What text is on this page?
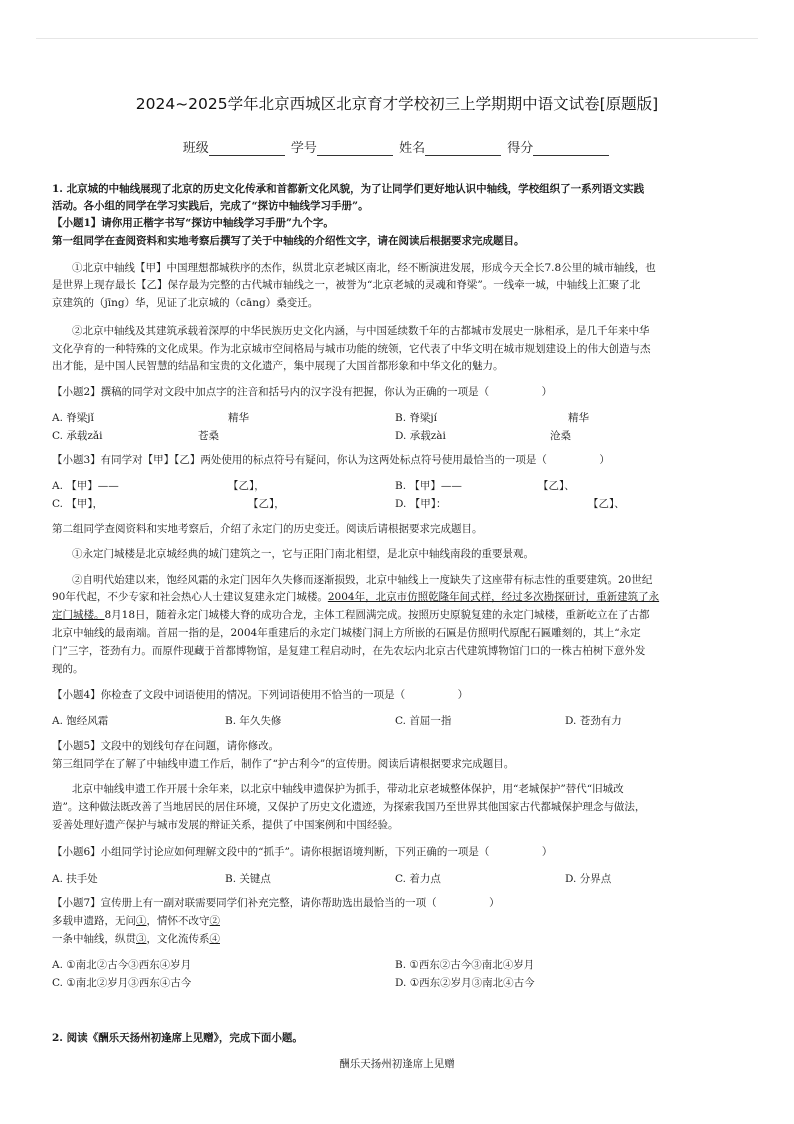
2024~2025学年北京西城区北京育才学校初三上学期期中语文试卷[原题版]
班级	学号	姓名	得分
1. 北京城的中轴线展现了北京的历史文化传承和首都新文化风貌，为了让同学们更好地认识中轴线，学校组织了一系列语文实践
活动。各小组的同学在学习实践后，完成了“探访中轴线学习手册”。
【小题1】请你用正楷字书写“探访中轴线学习手册”九个字。
第一组同学在查阅资料和实地考察后撰写了关于中轴线的介绍性文字，请在阅读后根据要求完成题目。
①北京中轴线【甲】中国理想都城秩序的杰作，纵贯北京老城区南北，经不断演进发展，形成今天全长7.8公里的城市轴线，也
是世界上现存最长【乙】保存最为完整的古代城市轴线之一，被誉为“北京老城的灵魂和脊梁”。一线牵一城，中轴线上汇聚了北
京建筑的（jīng）华，见证了北京城的（cāng）桑变迁。
②北京中轴线及其建筑承载着深厚的中华民族历史文化内涵，与中国延续数千年的古都城市发展史一脉相承，是几千年来中华
文化孕育的一种特殊的文化成果。作为北京城市空间格局与城市功能的统领，它代表了中华文明在城市规划建设上的伟大创造与杰
出才能，是中国人民智慧的结晶和宝贵的文化遗产，集中展现了大国首都形象和中华文化的魅力。
【小题2】撰稿的同学对文段中加点字的注音和括号内的汉字没有把握，你认为正确的一项是（　　　　　）
A. 脊梁jǐ	精华	B. 脊梁jí	精华
C. 承载zǎi	苍桑	D. 承载zài	沧桑
【小题3】有同学对【甲】【乙】两处使用的标点符号有疑问，你认为这两处标点符号使用最恰当的一项是（　　　　　）
A. 【甲】——	【乙】，	B. 【甲】——	【乙】、
C. 【甲】，	【乙】，	D. 【甲】：	【乙】、
第二组同学查阅资料和实地考察后，介绍了永定门的历史变迁。阅读后请根据要求完成题目。
①永定门城楼是北京城经典的城门建筑之一，它与正阳门南北相望，是北京中轴线南段的重要景观。
②自明代始建以来，饱经风霜的永定门因年久失修而逐渐损毁，北京中轴线上一度缺失了这座带有标志性的重要建筑。20世纪
90年代起，不少专家和社会热心人士建议复建永定门城楼。2004年，北京市仿照乾隆年间式样，经过多次勘探研讨，重新建筑了永
定门城楼。8月18日，随着永定门城楼大脊的成功合龙，主体工程圆满完成。按照历史原貌复建的永定门城楼，重新屹立在了古都
北京中轴线的最南端。首屈一指的是，2004年重建后的永定门城楼门洞上方所嵌的石匾是仿照明代原配石匾雕刻的，其上“永定
门”三字，苍劲有力。而原件现藏于首都博物馆，是复建工程启动时，在先农坛内北京古代建筑博物馆门口的一株古柏树下意外发
现的。
【小题4】你检查了文段中词语使用的情况。下列词语使用不恰当的一项是（　　　　　）
A. 饱经风霜	B. 年久失修	C. 首屈一指	D. 苍劲有力
【小题5】文段中的划线句存在问题，请你修改。
第三组同学在了解了中轴线申遗工作后，制作了“护古利今”的宣传册。阅读后请根据要求完成题目。
北京中轴线申遗工作开展十余年来，以北京中轴线申遗保护为抓手，带动北京老城整体保护，用“老城保护”替代“旧城改
造”。这种做法既改善了当地居民的居住环境，又保护了历史文化遗迹，为探索我国乃至世界其他国家古代都城保护理念与做法，
妥善处理好遗产保护与城市发展的辩证关系，提供了中国案例和中国经验。
【小题6】小组同学讨论应如何理解文段中的“抓手”。请你根据语境判断，下列正确的一项是（　　　　　）
A. 扶手处	B. 关键点	C. 着力点	D. 分界点
【小题7】宣传册上有一副对联需要同学们补充完整，请你帮助选出最恰当的一项（　　　　　）
多载申遗路，无问①，情怀不改守②
一条中轴线，纵贯③，文化流传系④
A. ①南北②古今③西东④岁月	B. ①西东②古今③南北④岁月
C. ①南北②岁月③西东④古今	D. ①西东②岁月③南北④古今
2. 阅读《酬乐天扬州初逢席上见赠》，完成下面小题。
酬乐天扬州初逢席上见赠
